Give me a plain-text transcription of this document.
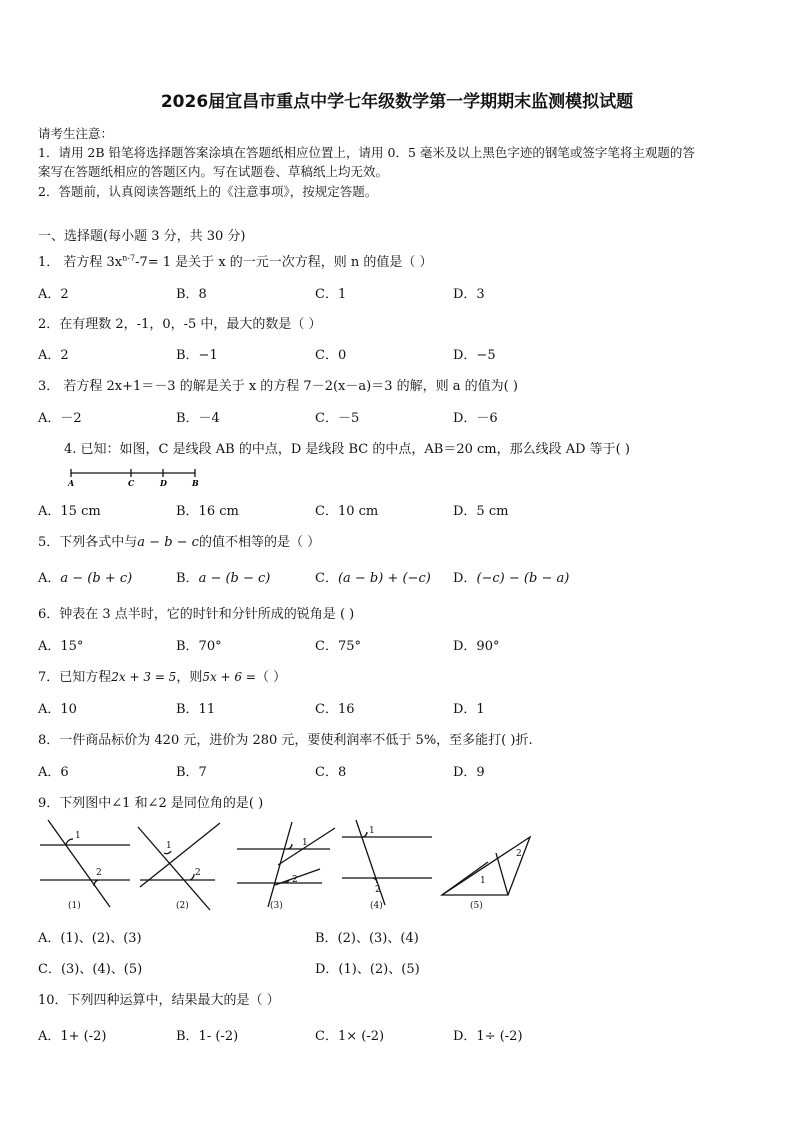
2026届宜昌市重点中学七年级数学第一学期期末监测模拟试题
请考生注意：
1．请用 2B 铅笔将选择题答案涂填在答题纸相应位置上，请用 0．5 毫米及以上黑色字迹的钢笔或签字笔将主观题的答
案写在答题纸相应的答题区内。写在试题卷、草稿纸上均无效。
2．答题前，认真阅读答题纸上的《注意事项》，按规定答题。
一、选择题(每小题 3 分，共 30 分)
1． 若方程 $3x^{n-7}-7= 1$ 是关于 x 的一元一次方程，则 n 的值是（ ）
A．2	B．8	C．1	D．3
2．在有理数 2，-1，0，-5 中，最大的数是（ ）
A．2	B．−1	C．0	D．−5
3． 若方程 2x+1＝－3 的解是关于 x 的方程 7－2(x－a)＝3 的解，则 a 的值为( )
A．－2	B．－4	C．－5	D．－6
4. 已知：如图，C 是线段 AB 的中点，D 是线段 BC 的中点，AB＝20 cm，那么线段 AD 等于( )
A	C	D	B
A．15 cm	B．16 cm	C．10 cm	D．5 cm
5．下列各式中与a − b − c的值不相等的是（ ）
A．a − (b + c)	B．a − (b − c)	C．(a − b) + (−c) D．(−c) − (b − a)
6．钟表在 3 点半时，它的时针和分针所成的锐角是 ( )
A．15°	B．70°	C．75°	D．90°
7．已知方程2x + 3 = 5，则5x + 6 =（ ）
A．10	B．11	C．16	D．1
8．一件商品标价为 420 元，进价为 280 元，要使利润率不低于 5%，至多能打( )折.
A．6	B．7	C．8	D．9
9．下列图中∠1 和∠2 是同位角的是( )
1
2
(1)
1
2
(2)
1
2
(3)
1
2
(4)
1
2
(5)
A．(1)、(2)、(3)	B．(2)、(3)、(4)
C．(3)、(4)、(5)	D．(1)、(2)、(5)
10．下列四种运算中，结果最大的是（ ）
A．1+ (-2)	B．1- (-2)	C．1× (-2)	D．1÷ (-2)
